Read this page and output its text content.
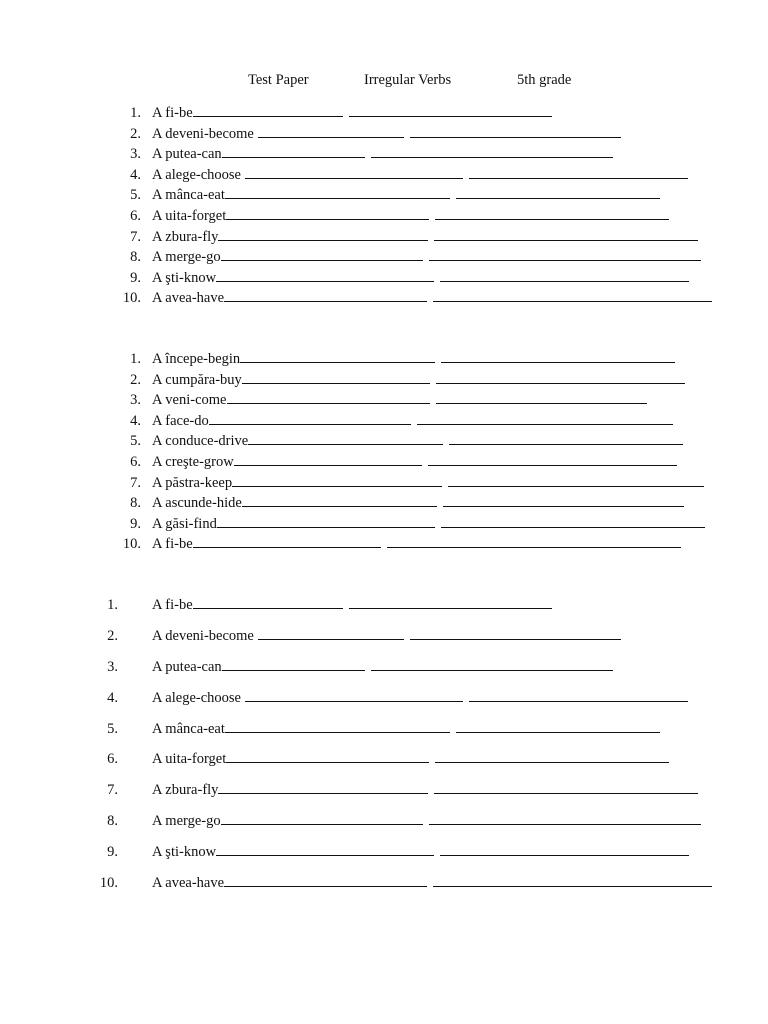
Test Paper	Irregular Verbs	5th grade
1. A fi-be
2. A deveni-become
3. A putea-can
4. A alege-choose
5. A mânca-eat
6. A uita-forget
7. A zbura-fly
8. A merge-go
9. A şti-know
10. A avea-have
1. A începe-begin
2. A cumpăra-buy
3. A veni-come
4. A face-do
5. A conduce-drive
6. A creşte-grow
7. A păstra-keep
8. A ascunde-hide
9. A găsi-find
10. A fi-be
1. A fi-be
2. A deveni-become
3. A putea-can
4. A alege-choose
5. A mânca-eat
6. A uita-forget
7. A zbura-fly
8. A merge-go
9. A şti-know
10. A avea-have
